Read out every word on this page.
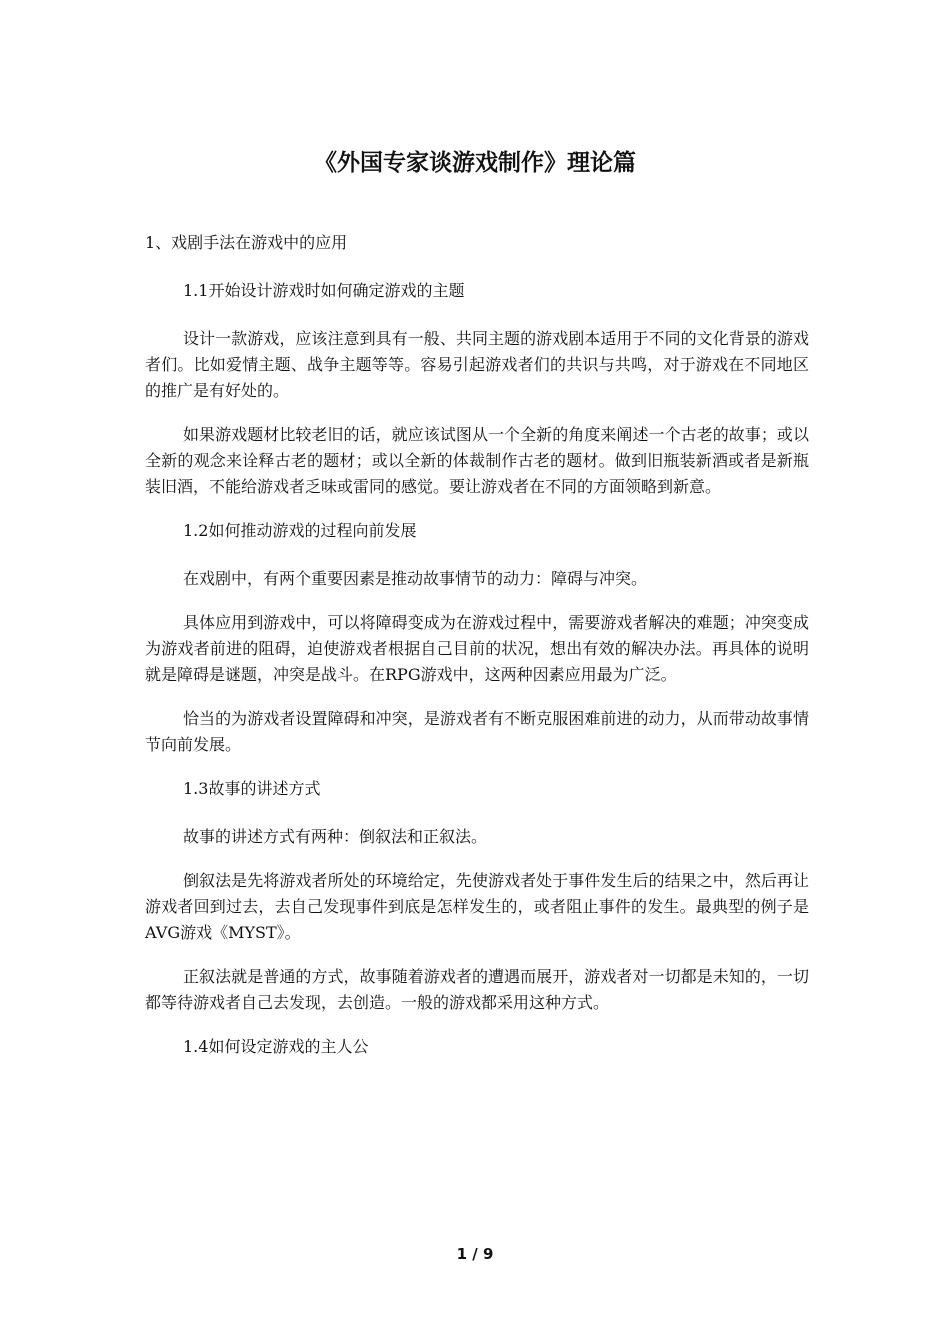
《外国专家谈游戏制作》理论篇

1、戏剧手法在游戏中的应用

1.1开始设计游戏时如何确定游戏的主题

设计一款游戏，应该注意到具有一般、共同主题的游戏剧本适用于不同的文化背景的游戏者们。比如爱情主题、战争主题等等。容易引起游戏者们的共识与共鸣，对于游戏在不同地区的推广是有好处的。

如果游戏题材比较老旧的话，就应该试图从一个全新的角度来阐述一个古老的故事；或以全新的观念来诠释古老的题材；或以全新的体裁制作古老的题材。做到旧瓶装新酒或者是新瓶装旧酒，不能给游戏者乏味或雷同的感觉。要让游戏者在不同的方面领略到新意。

1.2如何推动游戏的过程向前发展

在戏剧中，有两个重要因素是推动故事情节的动力：障碍与冲突。

具体应用到游戏中，可以将障碍变成为在游戏过程中，需要游戏者解决的难题；冲突变成为游戏者前进的阻碍，迫使游戏者根据自己目前的状况，想出有效的解决办法。再具体的说明就是障碍是谜题，冲突是战斗。在RPG游戏中，这两种因素应用最为广泛。

恰当的为游戏者设置障碍和冲突，是游戏者有不断克服困难前进的动力，从而带动故事情节向前发展。

1.3故事的讲述方式

故事的讲述方式有两种：倒叙法和正叙法。

倒叙法是先将游戏者所处的环境给定，先使游戏者处于事件发生后的结果之中，然后再让游戏者回到过去，去自己发现事件到底是怎样发生的，或者阻止事件的发生。最典型的例子是AVG游戏《MYST》。

正叙法就是普通的方式，故事随着游戏者的遭遇而展开，游戏者对一切都是未知的，一切都等待游戏者自己去发现，去创造。一般的游戏都采用这种方式。

1.4如何设定游戏的主人公

1 / 9
